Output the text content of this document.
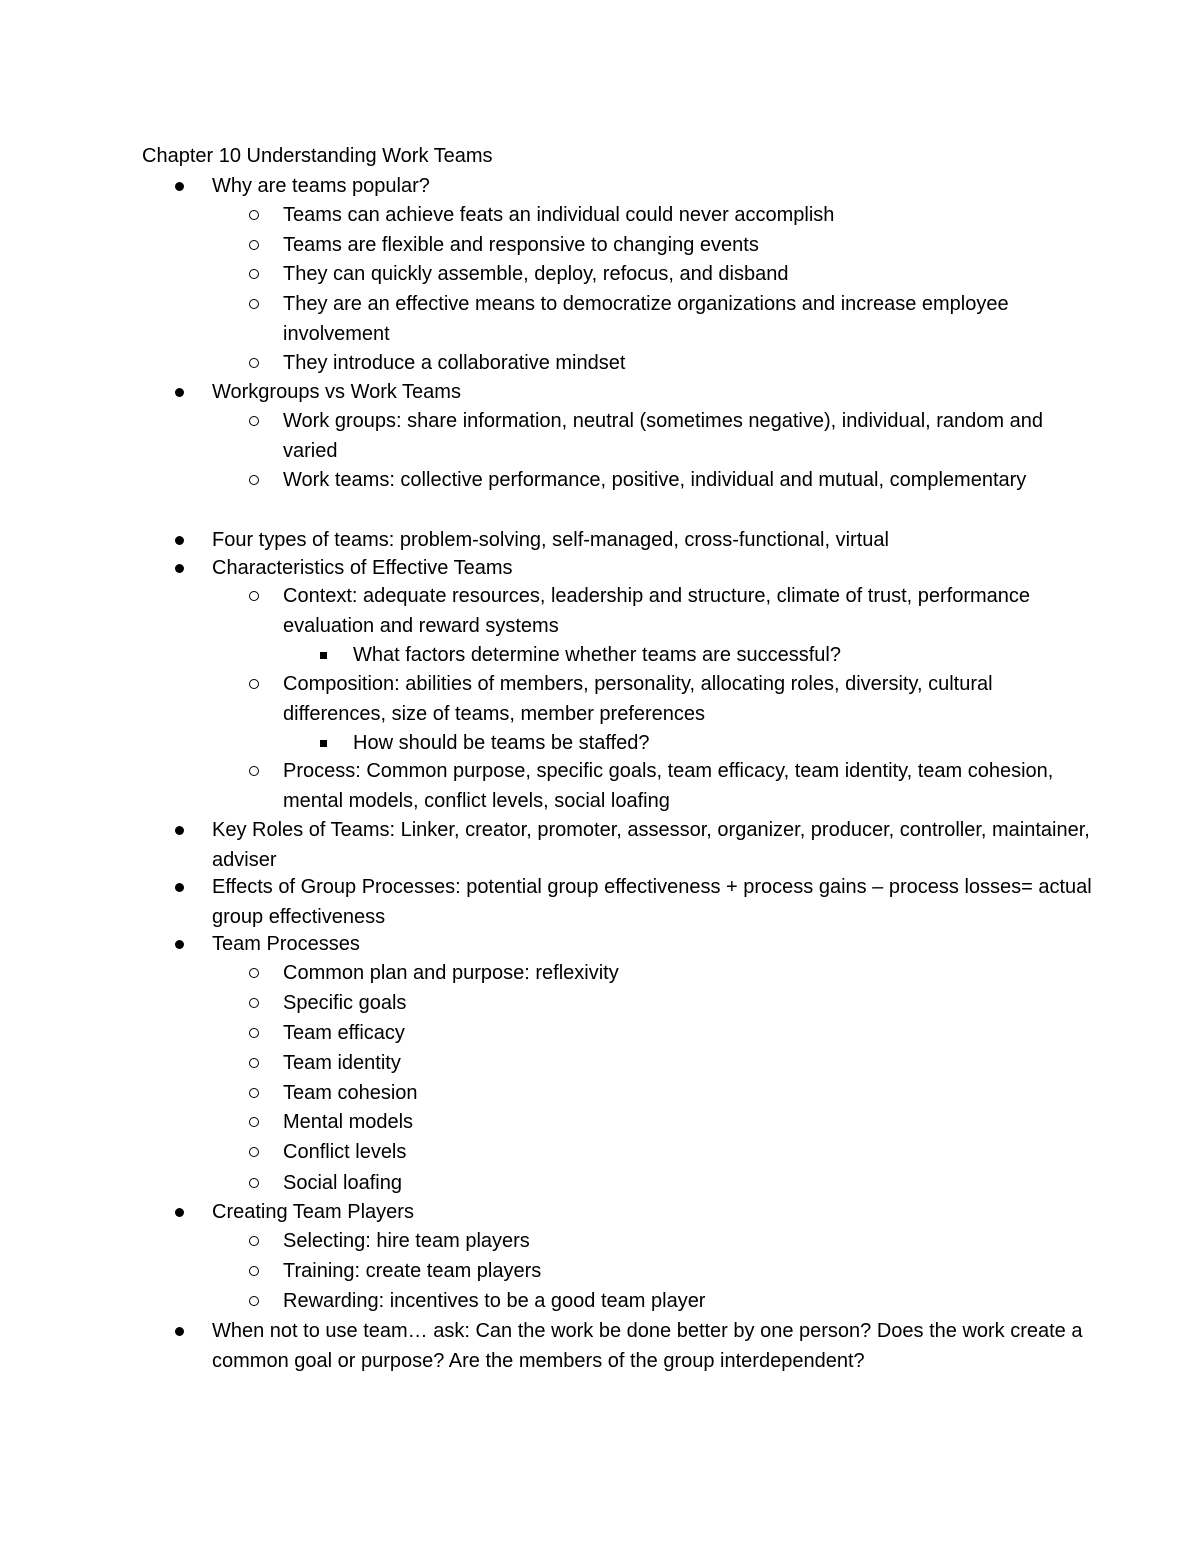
Chapter 10 Understanding Work Teams
Why are teams popular?
Teams can achieve feats an individual could never accomplish
Teams are flexible and responsive to changing events
They can quickly assemble, deploy, refocus, and disband
They are an effective means to democratize organizations and increase employee involvement
They introduce a collaborative mindset
Workgroups vs Work Teams
Work groups: share information, neutral (sometimes negative), individual, random and varied
Work teams: collective performance, positive, individual and mutual, complementary
Four types of teams: problem-solving, self-managed, cross-functional, virtual
Characteristics of Effective Teams
Context: adequate resources, leadership and structure, climate of trust, performance evaluation and reward systems
What factors determine whether teams are successful?
Composition: abilities of members, personality, allocating roles, diversity, cultural differences, size of teams, member preferences
How should be teams be staffed?
Process: Common purpose, specific goals, team efficacy, team identity, team cohesion, mental models, conflict levels, social loafing
Key Roles of Teams: Linker, creator, promoter, assessor, organizer, producer, controller, maintainer, adviser
Effects of Group Processes: potential group effectiveness + process gains – process losses= actual group effectiveness
Team Processes
Common plan and purpose: reflexivity
Specific goals
Team efficacy
Team identity
Team cohesion
Mental models
Conflict levels
Social loafing
Creating Team Players
Selecting: hire team players
Training: create team players
Rewarding: incentives to be a good team player
When not to use team… ask: Can the work be done better by one person? Does the work create a common goal or purpose? Are the members of the group interdependent?
